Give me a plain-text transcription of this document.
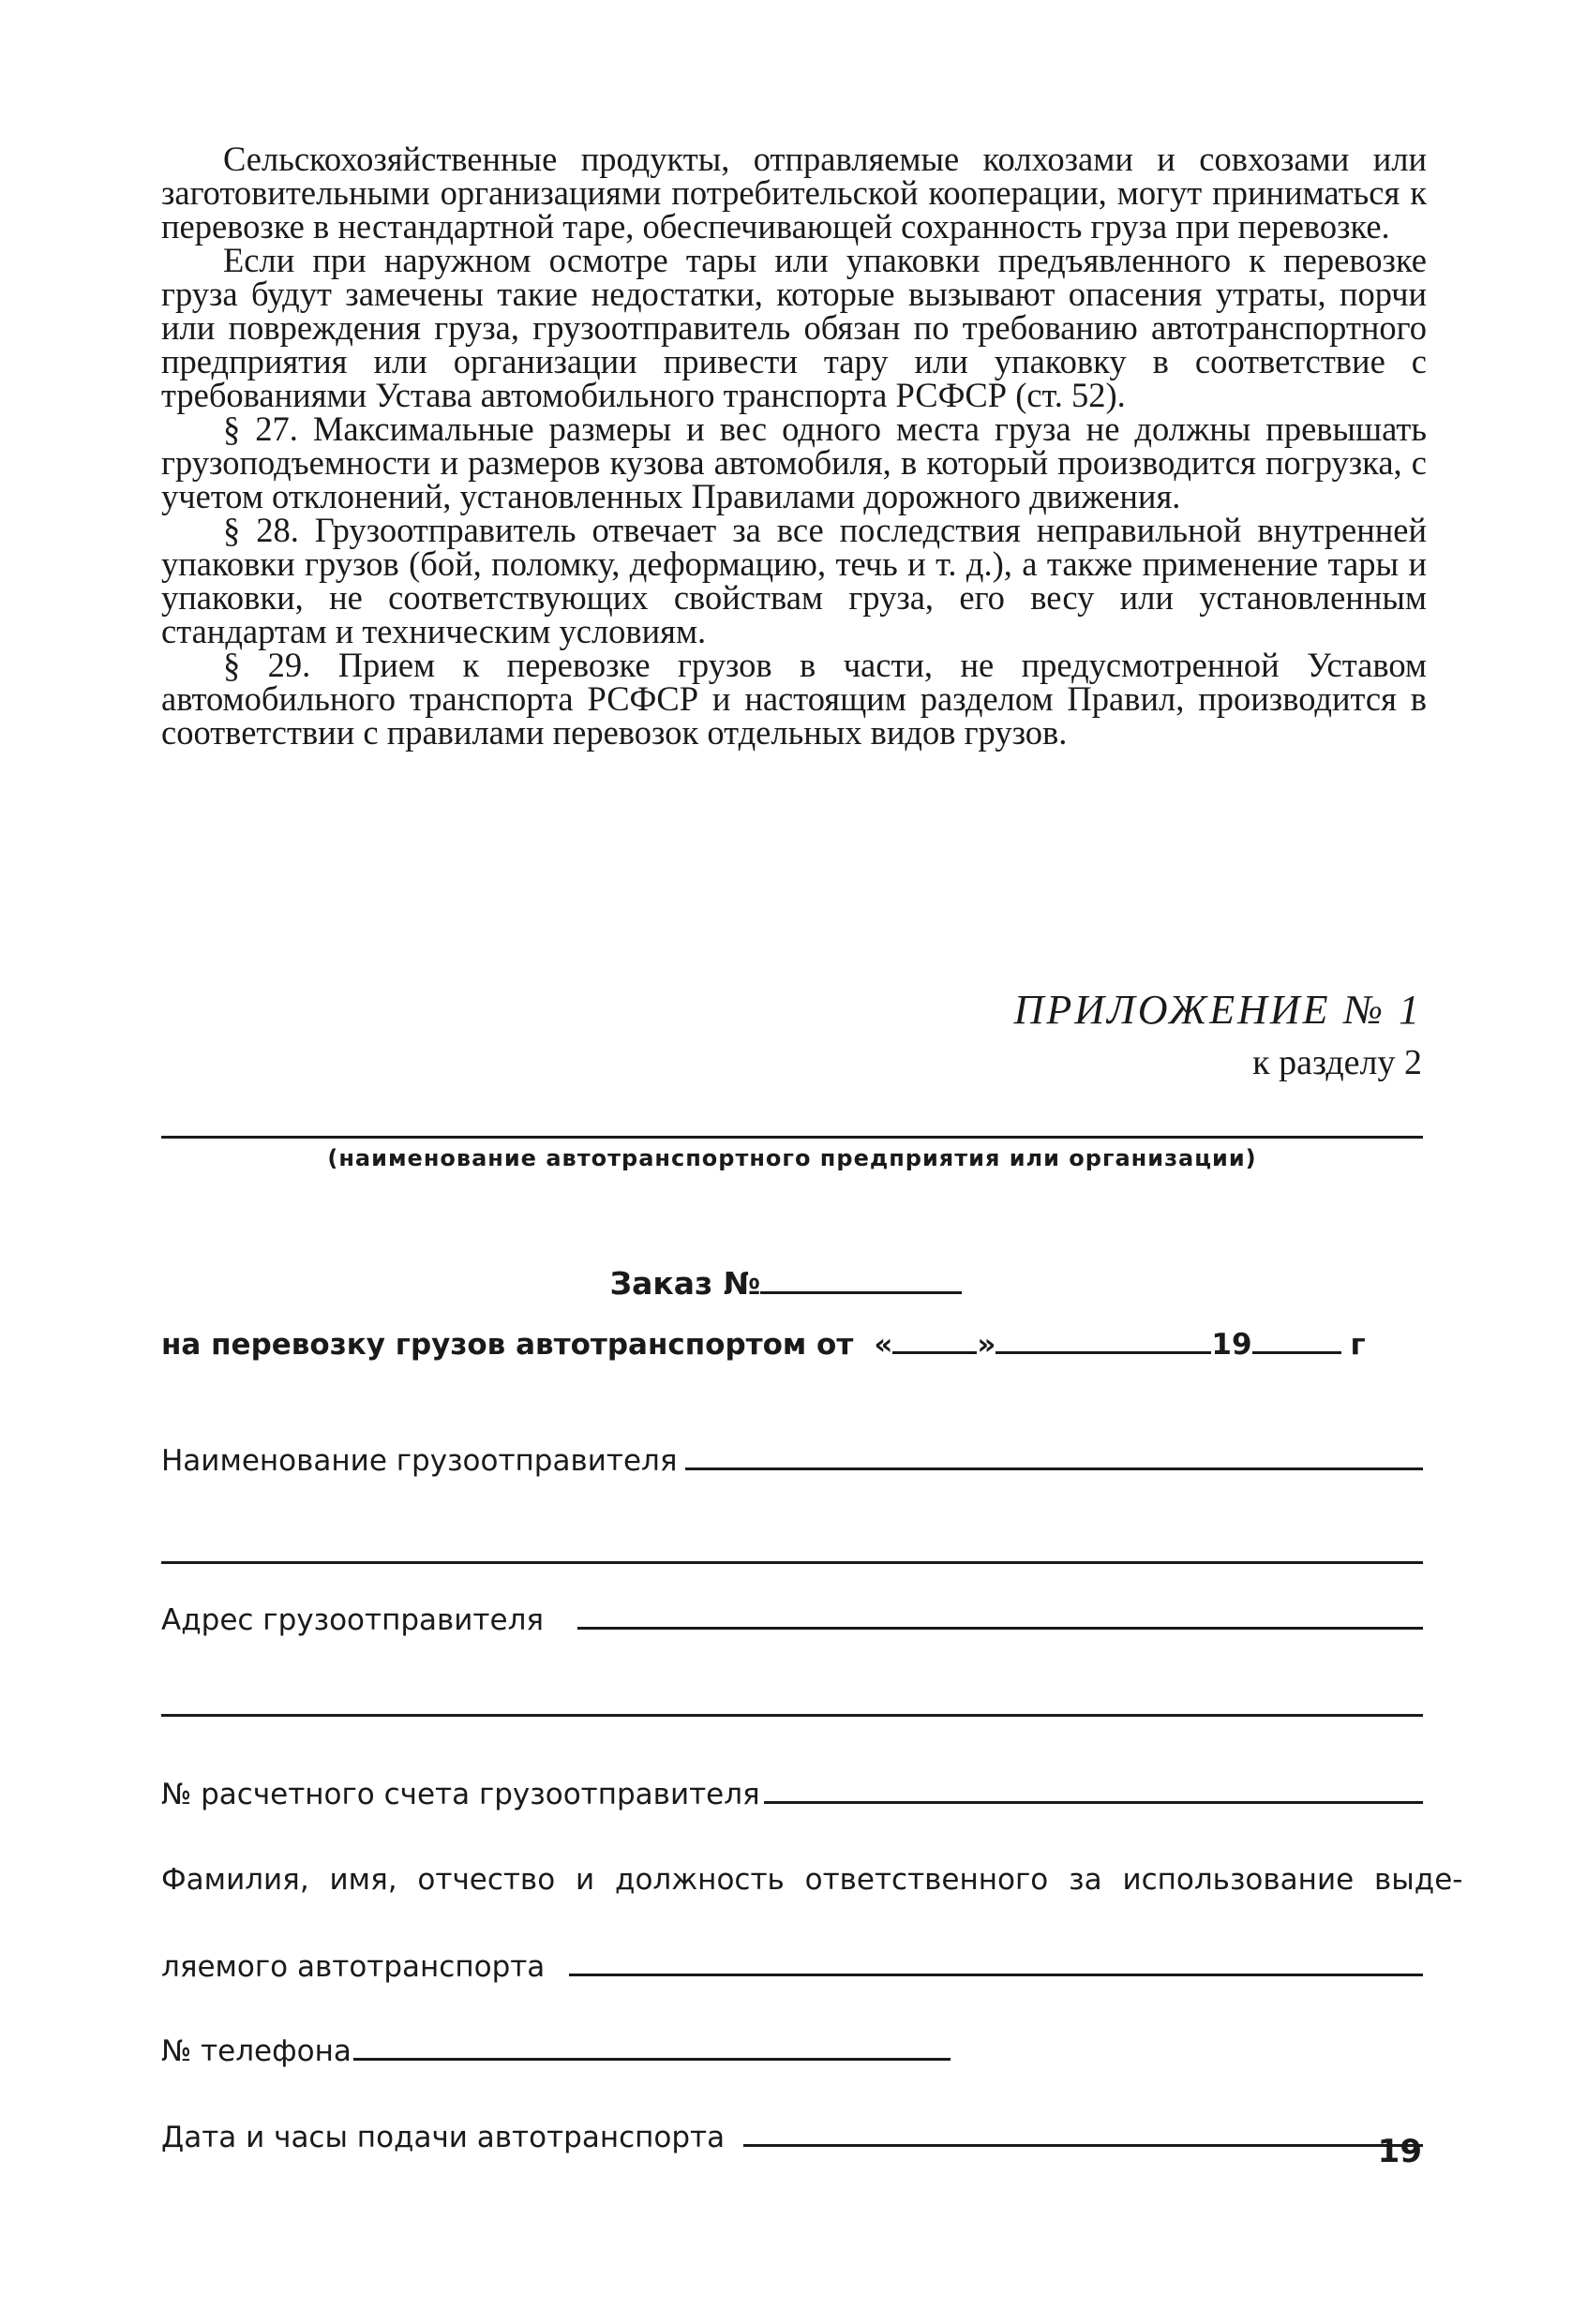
Сельскохозяйственные продукты, отправляемые колхозами и совхозами или заготовительными организациями потребительской кооперации, могут приниматься к перевозке в нестандартной таре, обеспечивающей сохранность груза при перевозке.

Если при наружном осмотре тары или упаковки предъявленного к перевозке груза будут замечены такие недостатки, которые вызывают опасения утраты, порчи или повреждения груза, грузоотправитель обязан по требованию автотранспортного предприятия или организации привести тару или упаковку в соответствие с требованиями Устава автомобильного транспорта РСФСР (ст. 52).

§ 27. Максимальные размеры и вес одного места груза не должны превышать грузоподъемности и размеров кузова автомобиля, в который производится погрузка, с учетом отклонений, установленных Правилами дорожного движения.

§ 28. Грузоотправитель отвечает за все последствия неправильной внутренней упаковки грузов (бой, поломку, деформацию, течь и т. д.), а также применение тары и упаковки, не соответствующих свойствам груза, его весу или установленным стандартам и техническим условиям.

§ 29. Прием к перевозке грузов в части, не предусмотренной Уставом автомобильного транспорта РСФСР и настоящим разделом Правил, производится в соответствии с правилами перевозок отдельных видов грузов.

ПРИЛОЖЕНИЕ № 1
к разделу 2
(наименование автотранспортного предприятия или организации)
Заказ №
на перевозку грузов автотранспортом от «	»	19	г
Наименование грузоотправителя
Адрес грузоотправителя
№ расчетного счета грузоотправителя
Фамилия, имя, отчество и должность ответственного за использование выде-
ляемого автотранспорта
№ телефона
Дата и часы подачи автотранспорта	19
